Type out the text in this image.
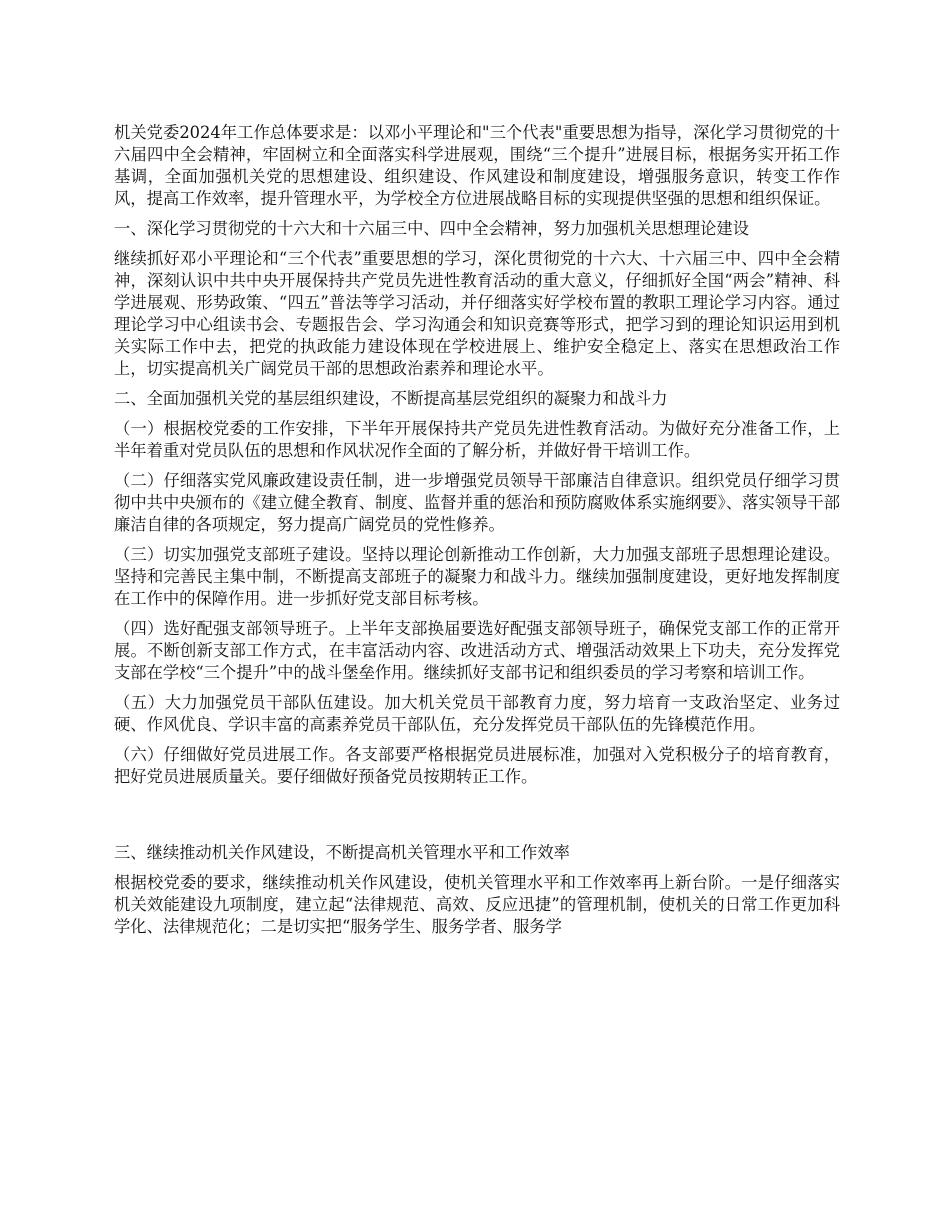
机关党委2024年工作总体要求是：以邓小平理论和"三个代表"重要思想为指导，深化学习贯彻党的十六届四中全会精神，牢固树立和全面落实科学进展观，围绕“三个提升”进展目标，根据务实开拓工作基调，全面加强机关党的思想建设、组织建设、作风建设和制度建设，增强服务意识，转变工作作风，提高工作效率，提升管理水平，为学校全方位进展战略目标的实现提供坚强的思想和组织保证。

一、深化学习贯彻党的十六大和十六届三中、四中全会精神，努力加强机关思想理论建设

继续抓好邓小平理论和“三个代表”重要思想的学习，深化贯彻党的十六大、十六届三中、四中全会精神，深刻认识中共中央开展保持共产党员先进性教育活动的重大意义，仔细抓好全国“两会”精神、科学进展观、形势政策、“四五”普法等学习活动，并仔细落实好学校布置的教职工理论学习内容。通过理论学习中心组读书会、专题报告会、学习沟通会和知识竞赛等形式，把学习到的理论知识运用到机关实际工作中去，把党的执政能力建设体现在学校进展上、维护安全稳定上、落实在思想政治工作上，切实提高机关广阔党员干部的思想政治素养和理论水平。

二、全面加强机关党的基层组织建设，不断提高基层党组织的凝聚力和战斗力

（一）根据校党委的工作安排，下半年开展保持共产党员先进性教育活动。为做好充分准备工作，上半年着重对党员队伍的思想和作风状况作全面的了解分析，并做好骨干培训工作。

（二）仔细落实党风廉政建设责任制，进一步增强党员领导干部廉洁自律意识。组织党员仔细学习贯彻中共中央颁布的《建立健全教育、制度、监督并重的惩治和预防腐败体系实施纲要》、落实领导干部廉洁自律的各项规定，努力提高广阔党员的党性修养。

（三）切实加强党支部班子建设。坚持以理论创新推动工作创新，大力加强支部班子思想理论建设。坚持和完善民主集中制，不断提高支部班子的凝聚力和战斗力。继续加强制度建设，更好地发挥制度在工作中的保障作用。进一步抓好党支部目标考核。

（四）选好配强支部领导班子。上半年支部换届要选好配强支部领导班子，确保党支部工作的正常开展。不断创新支部工作方式，在丰富活动内容、改进活动方式、增强活动效果上下功夫，充分发挥党支部在学校“三个提升”中的战斗堡垒作用。继续抓好支部书记和组织委员的学习考察和培训工作。

（五）大力加强党员干部队伍建设。加大机关党员干部教育力度，努力培育一支政治坚定、业务过硬、作风优良、学识丰富的高素养党员干部队伍，充分发挥党员干部队伍的先锋模范作用。

（六）仔细做好党员进展工作。各支部要严格根据党员进展标准，加强对入党积极分子的培育教育，把好党员进展质量关。要仔细做好预备党员按期转正工作。

三、继续推动机关作风建设，不断提高机关管理水平和工作效率

根据校党委的要求，继续推动机关作风建设，使机关管理水平和工作效率再上新台阶。一是仔细落实机关效能建设九项制度，建立起“法律规范、高效、反应迅捷”的管理机制，使机关的日常工作更加科学化、法律规范化；二是切实把“服务学生、服务学者、服务学
